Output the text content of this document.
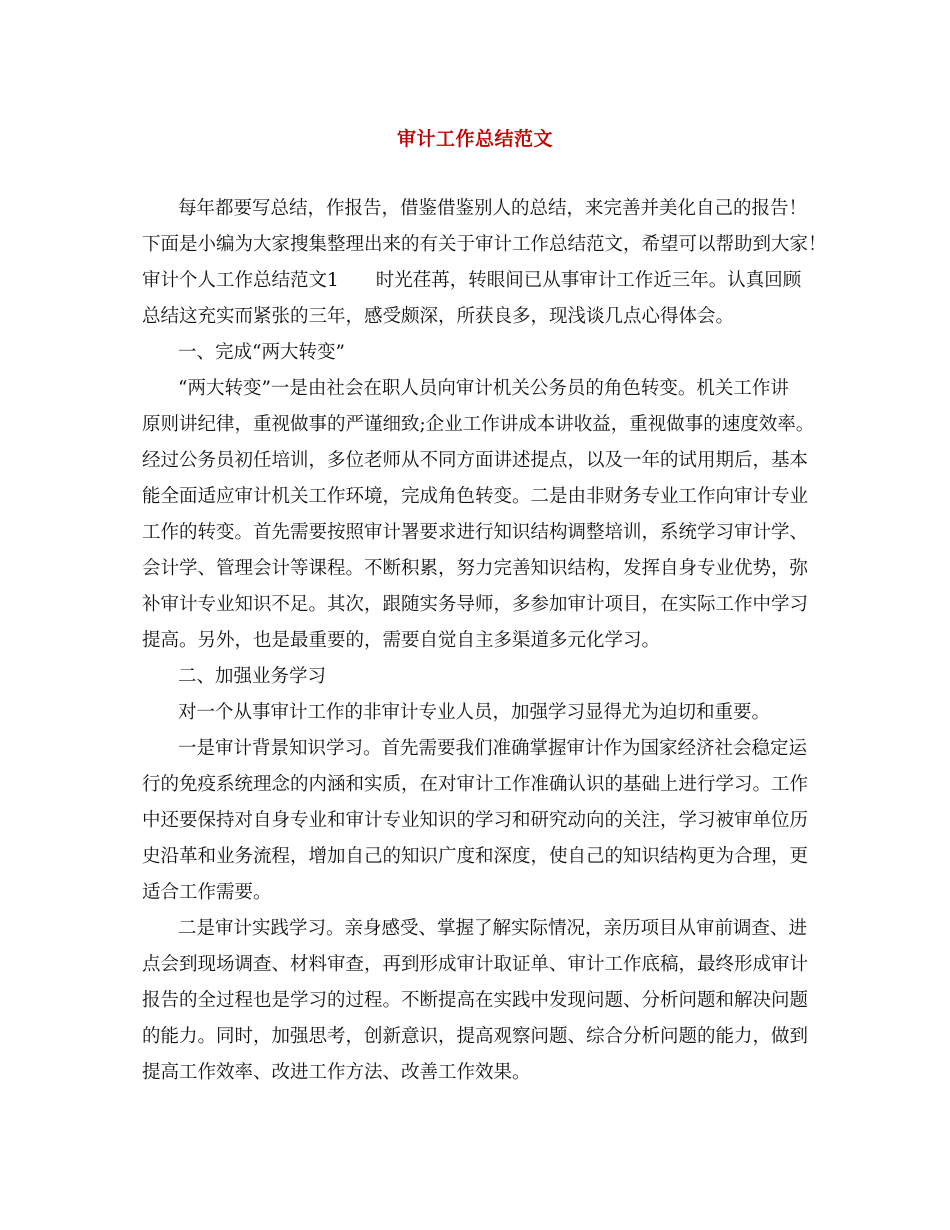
审计工作总结范文
每年都要写总结，作报告，借鉴借鉴别人的总结，来完善并美化自己的报告！
下面是小编为大家搜集整理出来的有关于审计工作总结范文，希望可以帮助到大家！
审计个人工作总结范文1　　时光荏苒，转眼间已从事审计工作近三年。认真回顾
总结这充实而紧张的三年，感受颇深，所获良多，现浅谈几点心得体会。
一、完成“两大转变”
“两大转变”一是由社会在职人员向审计机关公务员的角色转变。机关工作讲
原则讲纪律，重视做事的严谨细致;企业工作讲成本讲收益，重视做事的速度效率。
经过公务员初任培训，多位老师从不同方面讲述提点，以及一年的试用期后，基本
能全面适应审计机关工作环境，完成角色转变。二是由非财务专业工作向审计专业
工作的转变。首先需要按照审计署要求进行知识结构调整培训，系统学习审计学、
会计学、管理会计等课程。不断积累，努力完善知识结构，发挥自身专业优势，弥
补审计专业知识不足。其次，跟随实务导师，多参加审计项目，在实际工作中学习
提高。另外，也是最重要的，需要自觉自主多渠道多元化学习。
二、加强业务学习
对一个从事审计工作的非审计专业人员，加强学习显得尤为迫切和重要。
一是审计背景知识学习。首先需要我们准确掌握审计作为国家经济社会稳定运
行的免疫系统理念的内涵和实质，在对审计工作准确认识的基础上进行学习。工作
中还要保持对自身专业和审计专业知识的学习和研究动向的关注，学习被审单位历
史沿革和业务流程，增加自己的知识广度和深度，使自己的知识结构更为合理，更
适合工作需要。
二是审计实践学习。亲身感受、掌握了解实际情况，亲历项目从审前调查、进
点会到现场调查、材料审查，再到形成审计取证单、审计工作底稿，最终形成审计
报告的全过程也是学习的过程。不断提高在实践中发现问题、分析问题和解决问题
的能力。同时，加强思考，创新意识，提高观察问题、综合分析问题的能力，做到
提高工作效率、改进工作方法、改善工作效果。
